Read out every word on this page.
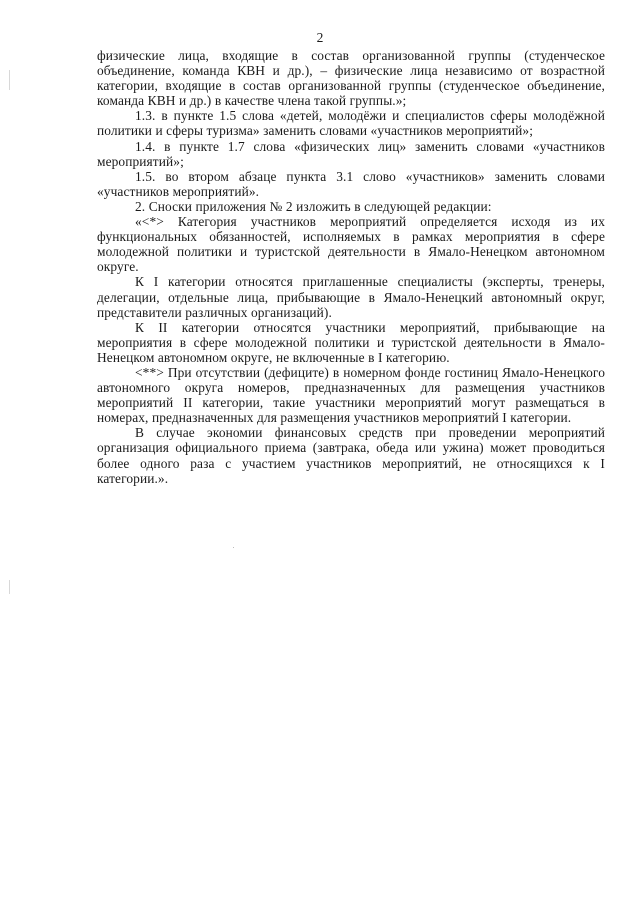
2

физические лица, входящие в состав организованной группы (студенческое объединение, команда КВН и др.), – физические лица независимо от возрастной категории, входящие в состав организованной группы (студенческое объединение, команда КВН и др.) в качестве члена такой группы.»;

1.3. в пункте 1.5 слова «детей, молодёжи и специалистов сферы молодёжной политики и сферы туризма» заменить словами «участников мероприятий»;

1.4. в пункте 1.7 слова «физических лиц» заменить словами «участников мероприятий»;

1.5. во втором абзаце пункта 3.1 слово «участников» заменить словами «участников мероприятий».

2. Сноски приложения № 2 изложить в следующей редакции:

«<*> Категория участников мероприятий определяется исходя из их функциональных обязанностей, исполняемых в рамках мероприятия в сфере молодежной политики и туристской деятельности в Ямало-Ненецком автономном округе.

К I категории относятся приглашенные специалисты (эксперты, тренеры, делегации, отдельные лица, прибывающие в Ямало-Ненецкий автономный округ, представители различных организаций).

К II категории относятся участники мероприятий, прибывающие на мероприятия в сфере молодежной политики и туристской деятельности в Ямало-Ненецком автономном округе, не включенные в I категорию.

<**> При отсутствии (дефиците) в номерном фонде гостиниц Ямало-Ненецкого автономного округа номеров, предназначенных для размещения участников мероприятий II категории, такие участники мероприятий могут размещаться в номерах, предназначенных для размещения участников мероприятий I категории.

В случае экономии финансовых средств при проведении мероприятий организация официального приема (завтрака, обеда или ужина) может проводиться более одного раза с участием участников мероприятий, не относящихся к I категории.».
